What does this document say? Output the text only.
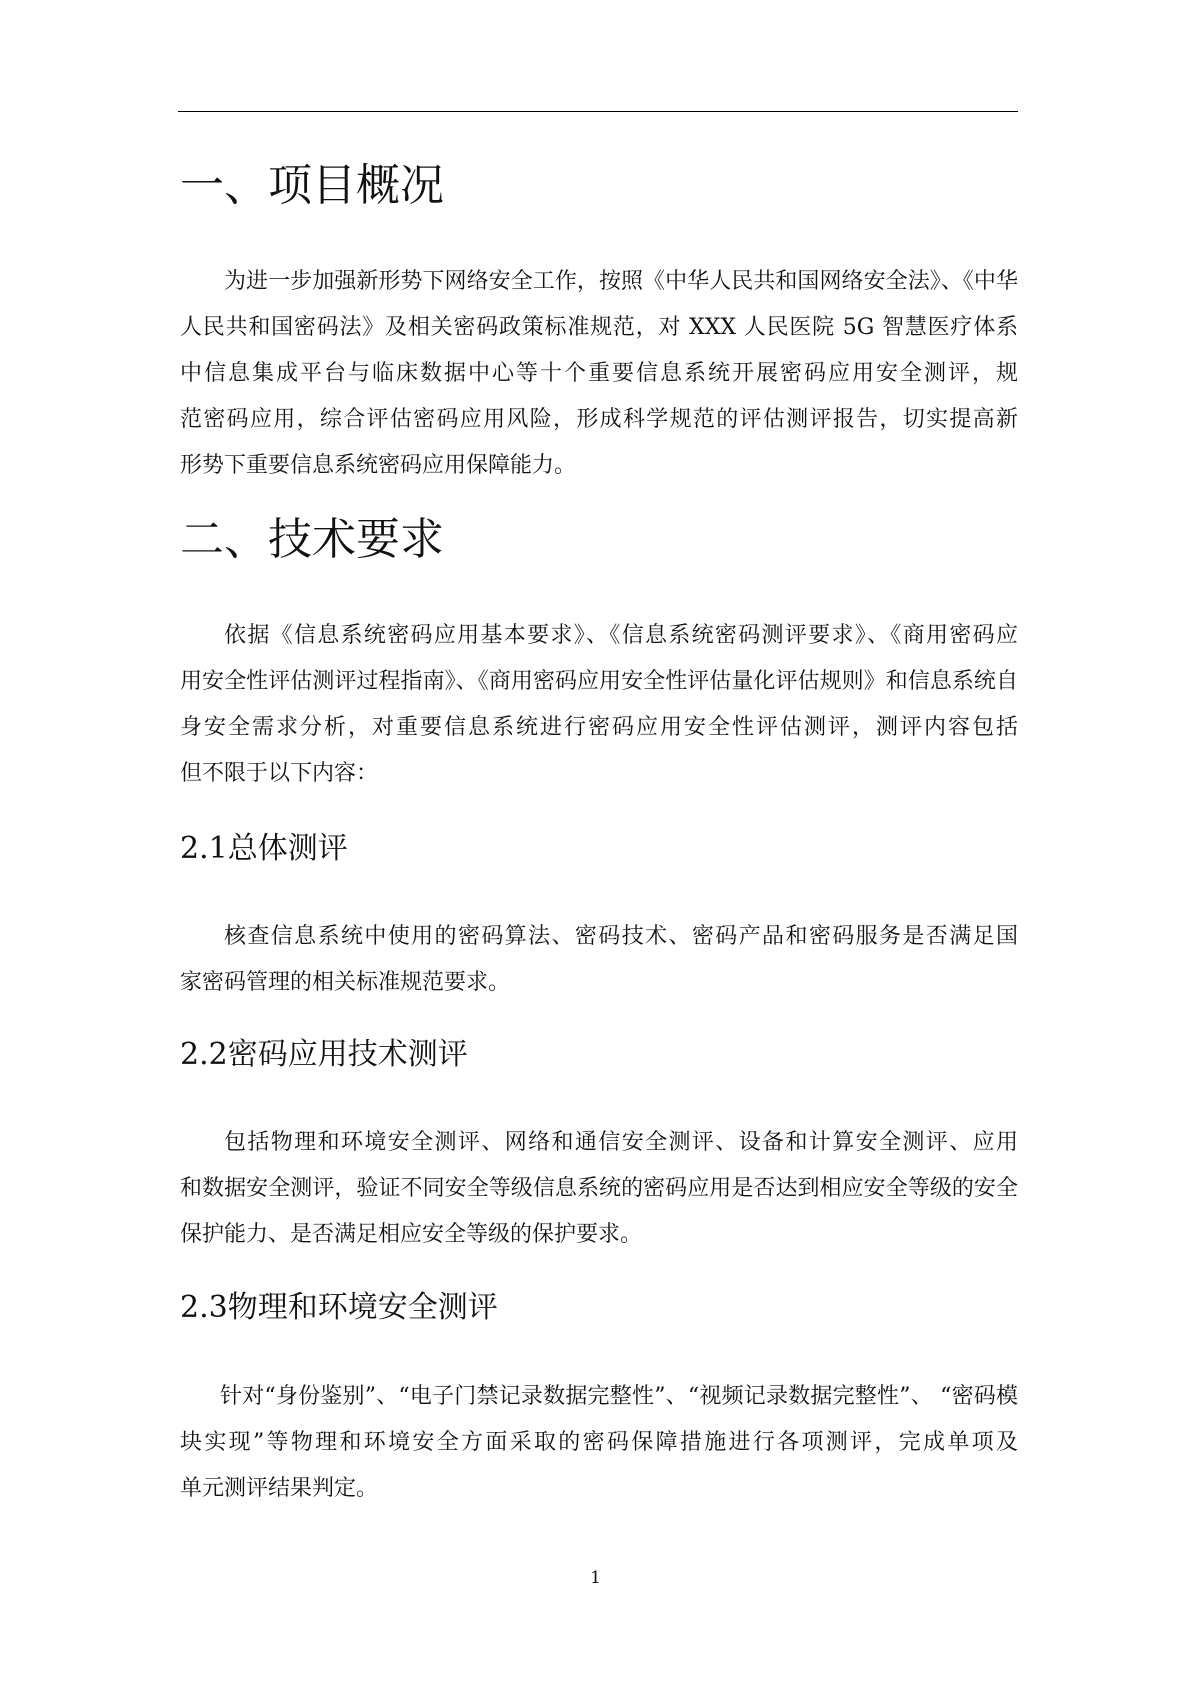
一、项目概况
为进一步加强新形势下网络安全工作，按照《中华人民共和国网络安全法》、《中华
人民共和国密码法》及相关密码政策标准规范，对 XXX 人民医院 5G 智慧医疗体系
中信息集成平台与临床数据中心等十个重要信息系统开展密码应用安全测评，规
范密码应用，综合评估密码应用风险，形成科学规范的评估测评报告，切实提高新
形势下重要信息系统密码应用保障能力。
二、技术要求
依据《信息系统密码应用基本要求》、《信息系统密码测评要求》、《商用密码应
用安全性评估测评过程指南》、《商用密码应用安全性评估量化评估规则》和信息系统自
身安全需求分析，对重要信息系统进行密码应用安全性评估测评，测评内容包括
但不限于以下内容：
2.1总体测评
核查信息系统中使用的密码算法、密码技术、密码产品和密码服务是否满足国
家密码管理的相关标准规范要求。
2.2密码应用技术测评
包括物理和环境安全测评、网络和通信安全测评、设备和计算安全测评、应用
和数据安全测评，验证不同安全等级信息系统的密码应用是否达到相应安全等级的安全
保护能力、是否满足相应安全等级的保护要求。
2.3物理和环境安全测评
针对“身份鉴别”、“电子门禁记录数据完整性”、“视频记录数据完整性”、 “密码模
块实现”等物理和环境安全方面采取的密码保障措施进行各项测评，完成单项及
单元测评结果判定。
1
